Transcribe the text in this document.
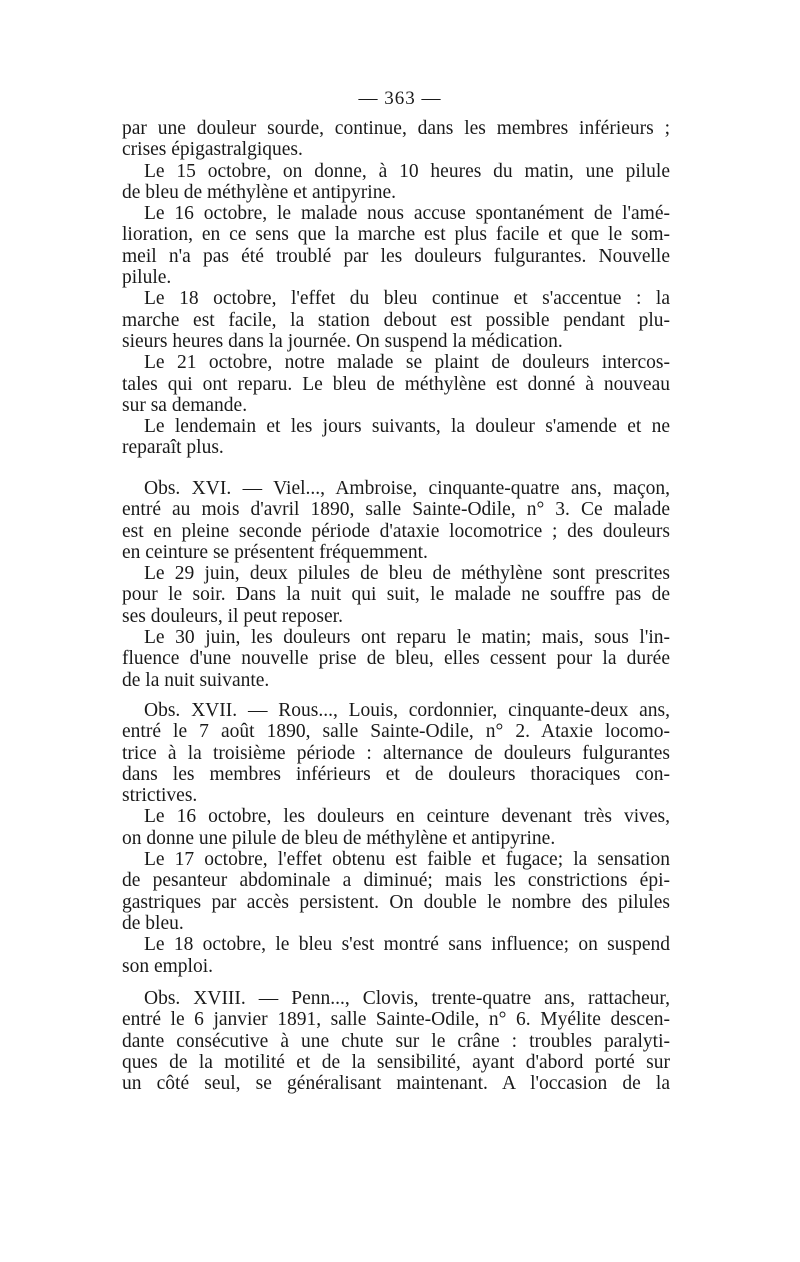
— 363 —
par une douleur sourde, continue, dans les membres inférieurs ;
crises épigastralgiques.
Le 15 octobre, on donne, à 10 heures du matin, une pilule
de bleu de méthylène et antipyrine.
Le 16 octobre, le malade nous accuse spontanément de l'amé-
lioration, en ce sens que la marche est plus facile et que le som-
meil n'a pas été troublé par les douleurs fulgurantes. Nouvelle
pilule.
Le 18 octobre, l'effet du bleu continue et s'accentue : la
marche est facile, la station debout est possible pendant plu-
sieurs heures dans la journée. On suspend la médication.
Le 21 octobre, notre malade se plaint de douleurs intercos-
tales qui ont reparu. Le bleu de méthylène est donné à nouveau
sur sa demande.
Le lendemain et les jours suivants, la douleur s'amende et ne
reparaît plus.
Obs. XVI. — Viel..., Ambroise, cinquante-quatre ans, maçon,
entré au mois d'avril 1890, salle Sainte-Odile, n° 3. Ce malade
est en pleine seconde période d'ataxie locomotrice ; des douleurs
en ceinture se présentent fréquemment.
Le 29 juin, deux pilules de bleu de méthylène sont prescrites
pour le soir. Dans la nuit qui suit, le malade ne souffre pas de
ses douleurs, il peut reposer.
Le 30 juin, les douleurs ont reparu le matin; mais, sous l'in-
fluence d'une nouvelle prise de bleu, elles cessent pour la durée
de la nuit suivante.
Obs. XVII. — Rous..., Louis, cordonnier, cinquante-deux ans,
entré le 7 août 1890, salle Sainte-Odile, n° 2. Ataxie locomo-
trice à la troisième période : alternance de douleurs fulgurantes
dans les membres inférieurs et de douleurs thoraciques con-
strictives.
Le 16 octobre, les douleurs en ceinture devenant très vives,
on donne une pilule de bleu de méthylène et antipyrine.
Le 17 octobre, l'effet obtenu est faible et fugace; la sensation
de pesanteur abdominale a diminué; mais les constrictions épi-
gastriques par accès persistent. On double le nombre des pilules
de bleu.
Le 18 octobre, le bleu s'est montré sans influence; on suspend
son emploi.
Obs. XVIII. — Penn..., Clovis, trente-quatre ans, rattacheur,
entré le 6 janvier 1891, salle Sainte-Odile, n° 6. Myélite descen-
dante consécutive à une chute sur le crâne : troubles paralyti-
ques de la motilité et de la sensibilité, ayant d'abord porté sur
un côté seul, se généralisant maintenant. A l'occasion de la
